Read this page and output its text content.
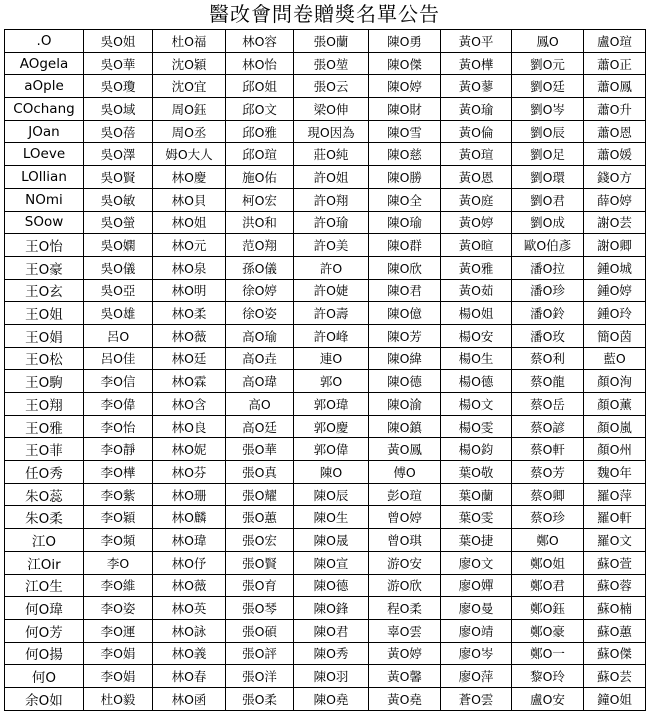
醫改會問卷贈獎名單公告
.O	吳O姐	杜O福	林O容	張O蘭	陳O勇	黃O平	鳳O	盧O瑄
AOgela	吳O華	沈O穎	林O怡	張O堃	陳O傑	黃O樺	劉O元	蕭O正
aOple	吳O瓊	沈O宜	邱O姐	張O云	陳O婷	黃O蓼	劉O廷	蕭O鳳
COchang	吳O域	周O鈺	邱O文	梁O伸	陳O財	黃O瑜	劉O岑	蕭O升
JOan	吳O蓓	周O丞	邱O雅	現O因為	陳O雪	黃O倫	劉O辰	蕭O恩
LOeve	吳O澤	姆O大人	邱O瑄	莊O純	陳O慈	黃O瑄	劉O足	蕭O媛
LOllian	吳O賢	林O慶	施O佑	許O姐	陳O勝	黃O恩	劉O環	錢O方
NOmi	吳O敏	林O貝	柯O宏	許O翔	陳O全	黃O庭	劉O君	薛O婷
SOow	吳O螢	林O姐	洪O和	許O瑜	陳O瑜	黃O婷	劉O成	謝O芸
王O怡	吳O嫻	林O元	范O翔	許O美	陳O群	黃O暄	歐O伯彥	謝O卿
王O豪	吳O儀	林O泉	孫O儀	許O	陳O欣	黃O雅	潘O拉	鍾O城
王O玄	吳O亞	林O明	徐O婷	許O婕	陳O君	黃O茹	潘O珍	鍾O婷
王O姐	吳O雄	林O柔	徐O姿	許O壽	陳O億	楊O姐	潘O鈴	鍾O玲
王O娟	呂O	林O薇	高O瑜	許O峰	陳O芳	楊O安	潘O玫	簡O茵
王O松	呂O佳	林O廷	高O垚	連O	陳O緯	楊O生	蔡O利	藍O
王O駒	李O信	林O霖	高O瑋	郭O	陳O德	楊O德	蔡O龍	顏O洵
王O翔	李O偉	林O含	高O	郭O瑋	陳O渝	楊O文	蔡O岳	顏O薰
王O雅	李O怡	林O良	高O廷	郭O慶	陳O鎮	楊O雯	蔡O諺	顏O嵐
王O菲	李O靜	林O妮	張O華	郭O偉	黃O鳳	楊O鈞	蔡O軒	顏O州
任O秀	李O樺	林O芬	張O真	陳O	傅O	葉O敬	蔡O芳	魏O年
朱O蕊	李O紫	林O珊	張O耀	陳O辰	彭O瑄	葉O蘭	蔡O卿	羅O萍
朱O柔	李O穎	林O麟	張O蕙	陳O生	曾O婷	葉O雯	蔡O珍	羅O軒
江O	李O頻	林O瑋	張O宏	陳O晟	曾O琪	葉O捷	鄭O	羅O文
江Oir	李O	林O伃	張O賢	陳O宣	游O安	廖O文	鄭O姐	蘇O萱
江O生	李O維	林O薇	張O育	陳O德	游O欣	廖O嬋	鄭O君	蘇O蓉
何O瑋	李O姿	林O英	張O琴	陳O鋒	程O柔	廖O曼	鄭O鈺	蘇O楠
何O芳	李O運	林O詠	張O碩	陳O君	辜O雲	廖O靖	鄭O豪	蘇O蕙
何O揚	李O娟	林O義	張O評	陳O秀	黃O婷	廖O岑	鄭O一	蘇O傑
何O	李O娟	林O春	張O洋	陳O羽	黃O馨	廖O萍	黎O玲	蘇O芸
余O如	杜O毅	林O函	張O柔	陳O堯	黃O堯	蒼O雲	盧O安	鐘O姐
